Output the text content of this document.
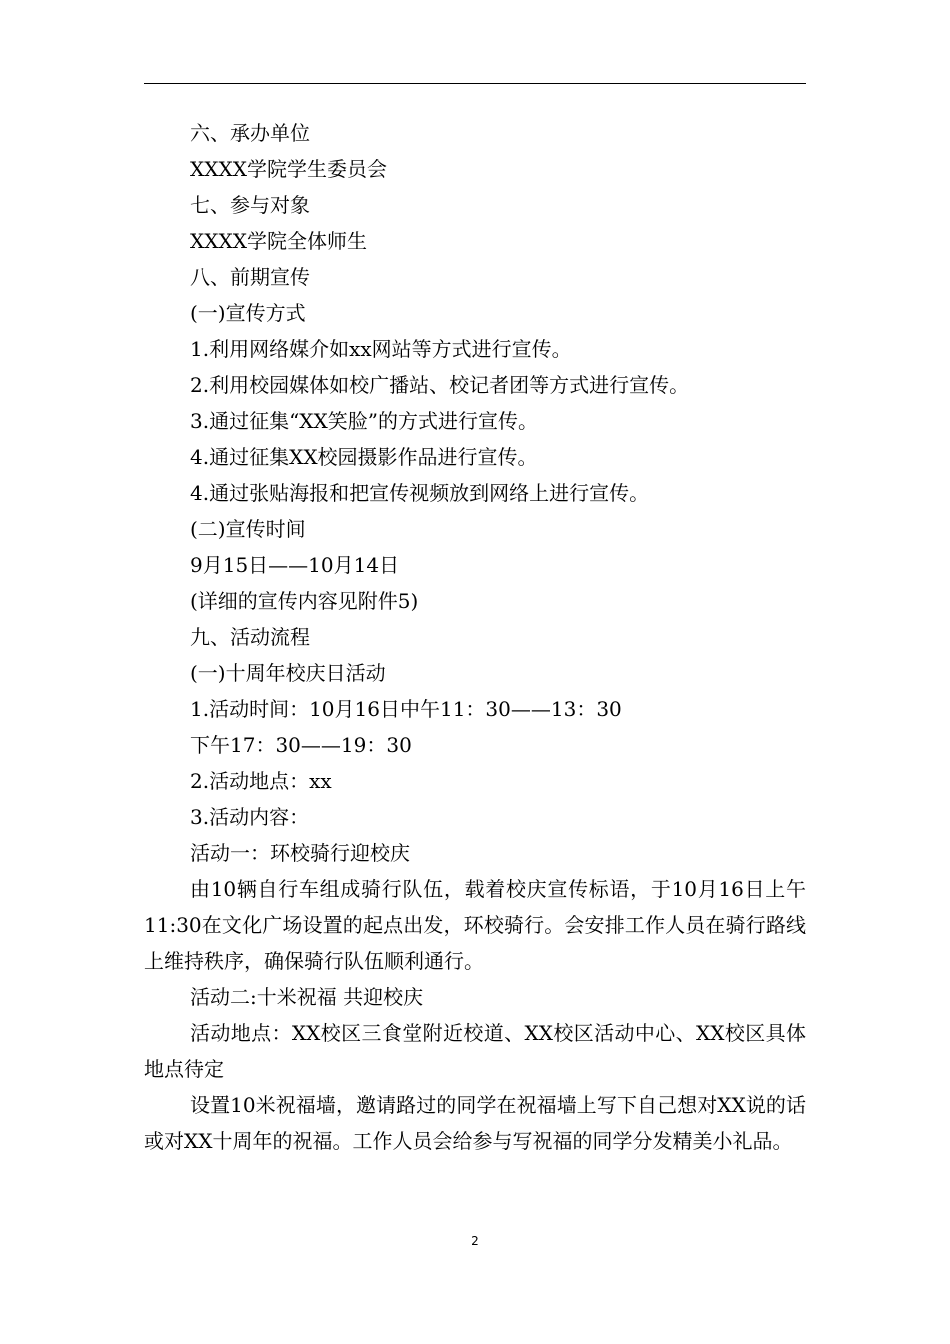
六、承办单位
XXXX学院学生委员会
七、参与对象
XXXX学院全体师生
八、前期宣传
(一)宣传方式
1.利用网络媒介如xx网站等方式进行宣传。
2.利用校园媒体如校广播站、校记者团等方式进行宣传。
3.通过征集“XX笑脸”的方式进行宣传。
4.通过征集XX校园摄影作品进行宣传。
4.通过张贴海报和把宣传视频放到网络上进行宣传。
(二)宣传时间
9月15日——10月14日
(详细的宣传内容见附件5)
九、活动流程
(一)十周年校庆日活动
1.活动时间：10月16日中午11：30——13：30
下午17：30——19：30
2.活动地点：xx
3.活动内容：
活动一：环校骑行迎校庆
由10辆自行车组成骑行队伍，载着校庆宣传标语，于10月16日上午11:30在文化广场设置的起点出发，环校骑行。会安排工作人员在骑行路线上维持秩序，确保骑行队伍顺利通行。
活动二:十米祝福 共迎校庆
活动地点：XX校区三食堂附近校道、XX校区活动中心、XX校区具体地点待定
设置10米祝福墙，邀请路过的同学在祝福墙上写下自己想对XX说的话或对XX十周年的祝福。工作人员会给参与写祝福的同学分发精美小礼品。
2
